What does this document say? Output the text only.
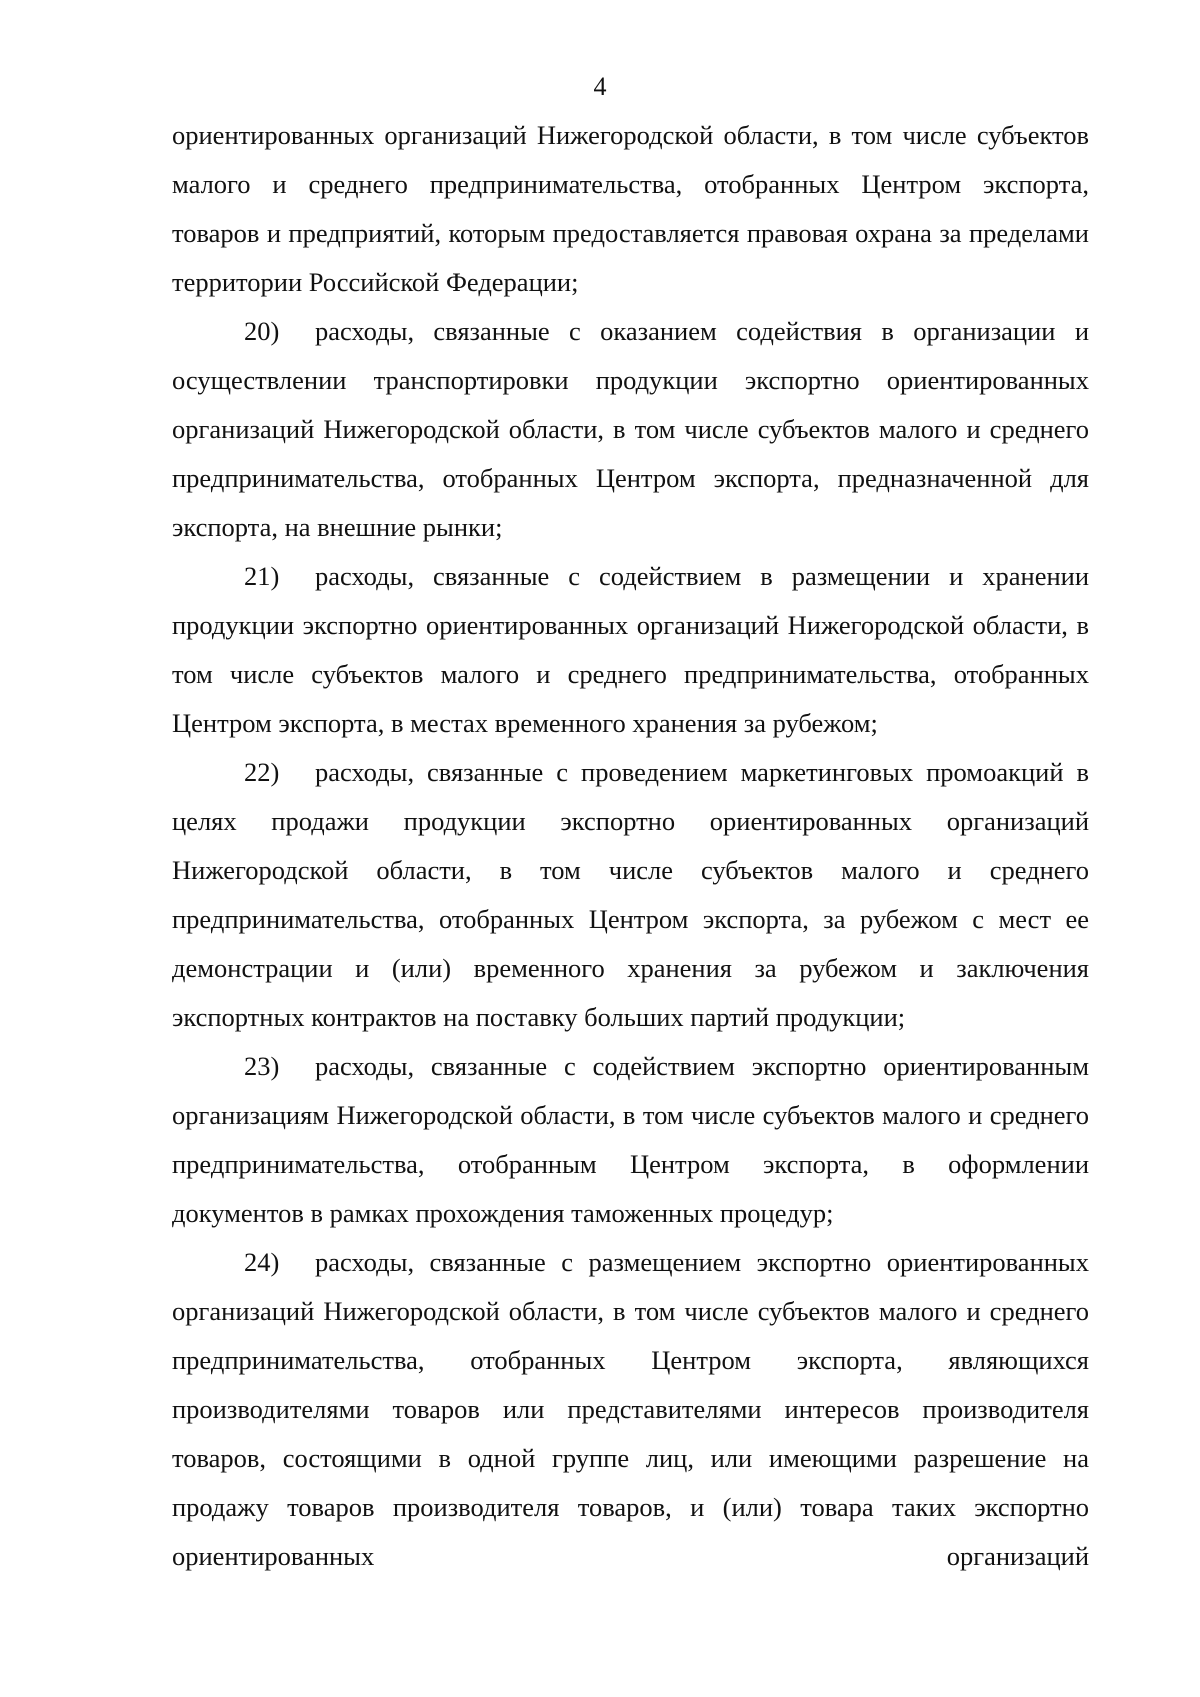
4

ориентированных организаций Нижегородской области, в том числе субъектов малого и среднего предпринимательства, отобранных Центром экспорта, товаров и предприятий, которым предоставляется правовая охрана за пределами территории Российской Федерации;

20) расходы, связанные с оказанием содействия в организации и осуществлении транспортировки продукции экспортно ориентированных организаций Нижегородской области, в том числе субъектов малого и среднего предпринимательства, отобранных Центром экспорта, предназначенной для экспорта, на внешние рынки;

21) расходы, связанные с содействием в размещении и хранении продукции экспортно ориентированных организаций Нижегородской области, в том числе субъектов малого и среднего предпринимательства, отобранных Центром экспорта, в местах временного хранения за рубежом;

22) расходы, связанные с проведением маркетинговых промоакций в целях продажи продукции экспортно ориентированных организаций Нижегородской области, в том числе субъектов малого и среднего предпринимательства, отобранных Центром экспорта, за рубежом с мест ее демонстрации и (или) временного хранения за рубежом и заключения экспортных контрактов на поставку больших партий продукции;

23) расходы, связанные с содействием экспортно ориентированным организациям Нижегородской области, в том числе субъектов малого и среднего предпринимательства, отобранным Центром экспорта, в оформлении документов в рамках прохождения таможенных процедур;

24) расходы, связанные с размещением экспортно ориентированных организаций Нижегородской области, в том числе субъектов малого и среднего предпринимательства, отобранных Центром экспорта, являющихся производителями товаров или представителями интересов производителя товаров, состоящими в одной группе лиц, или имеющими разрешение на продажу товаров производителя товаров, и (или) товара таких экспортно ориентированных организаций
